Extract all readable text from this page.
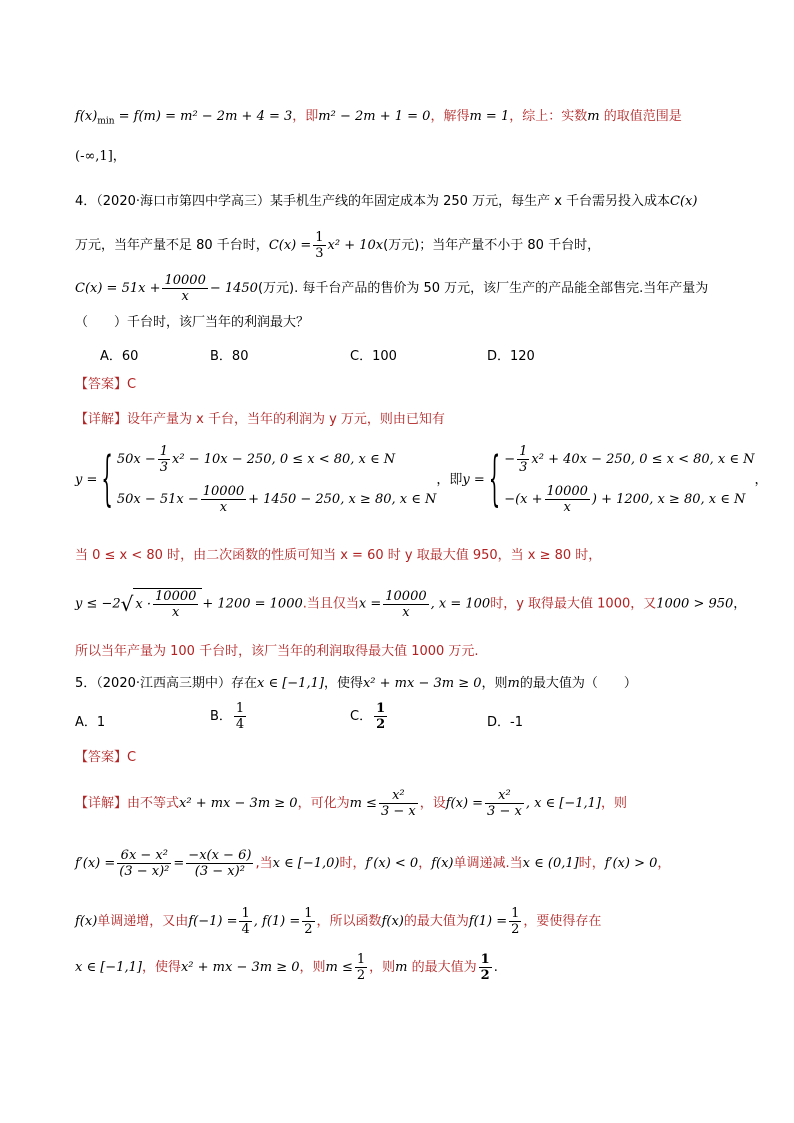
$f(x)_{min} = f(m) = m^2 - 2m + 4 = 3$，即m² − 2m + 1 = 0，解得m = 1，综上：实数m 的取值范围是
(-∞,1]，
4．（2020·海口市第四中学高三）某手机生产线的年固定成本为 250 万元，每生产 x 千台需另投入成本C(x)
万元，当年产量不足 80 千台时，$C(x) = \frac{1}{3} x^2 + 10x$(万元)；当年产量不小于 80 千台时，
$C(x) = 51x + \frac{10000}{x} - 1450$(万元). 每千台产品的售价为 50 万元，该厂生产的产品能全部售完.当年产量为
（　　）千台时，该厂当年的利润最大？
A．60	B．80	C．100	D．120
【答案】C
【详解】设年产量为 x 千台，当年的利润为 y 万元，则由已知有
y = { $50x - \frac{1}{3} x^2 - 10x - 250$, 0 ≤ x < 80, x ∈ N
$50x - 51x - \frac{10000}{x} + 1450 - 250$, x ≥ 80, x ∈ N
，即y = { − $\frac{1}{3} x^2 + 40x - 250$, 0 ≤ x < 80, x ∈ N
$-(x + \frac{10000}{x}$ ) + 1200, x ≥ 80, x ∈ N
，
当 0 ≤ x < 80 时，由二次函数的性质可知当 x = 60 时 y 取最大值 950，当 x ≥ 80 时，
y ≤ −2√ $x \cdot \frac{10000}{x} + 1200 = 1000$.当且仅当$x = \frac{10000}{x}$ , x = 100时，y 取得最大值 1000，又1000 > 950，
所以当年产量为 100 千台时，该厂当年的利润取得最大值 1000 万元.
5．（2020·江西高三期中）存在x ∈ [−1,1]，使得x² + mx − 3m ≥ 0，则m的最大值为（　　）
A．1	B． $\frac{1}{4}$	C． $\frac{1}{2}$	D．-1
【答案】C
【详解】由不等式x² + mx − 3m ≥ 0，可化为$m \le \frac{\text{x²}}{3 - x}$ ，设$f(x) = \frac{\text{x²}}{3 - x}$ , x ∈ [−1,1]，则
$f'(x) = \frac{\text{6x − x²}}{\text{(3 − x)²}} = \frac{-x(x - 6)}{\text{(3 − x)²}}$ ,当x ∈ [−1,0)时，f′(x) < 0，f(x)单调递减.当x ∈ (0,1]时，f′(x) > 0，
f(x)单调递增，又由$f(-1) = \frac{1}{4}$ , $f(1) = \frac{1}{2}$ ，所以函数f(x)的最大值为$f(1) = \frac{1}{2}$ ，要使得存在
x ∈ [−1,1]，使得x² + mx − 3m ≥ 0，则$m \le \frac{1}{2}$ ，则m 的最大值为 $\frac{1}{2}$ .
